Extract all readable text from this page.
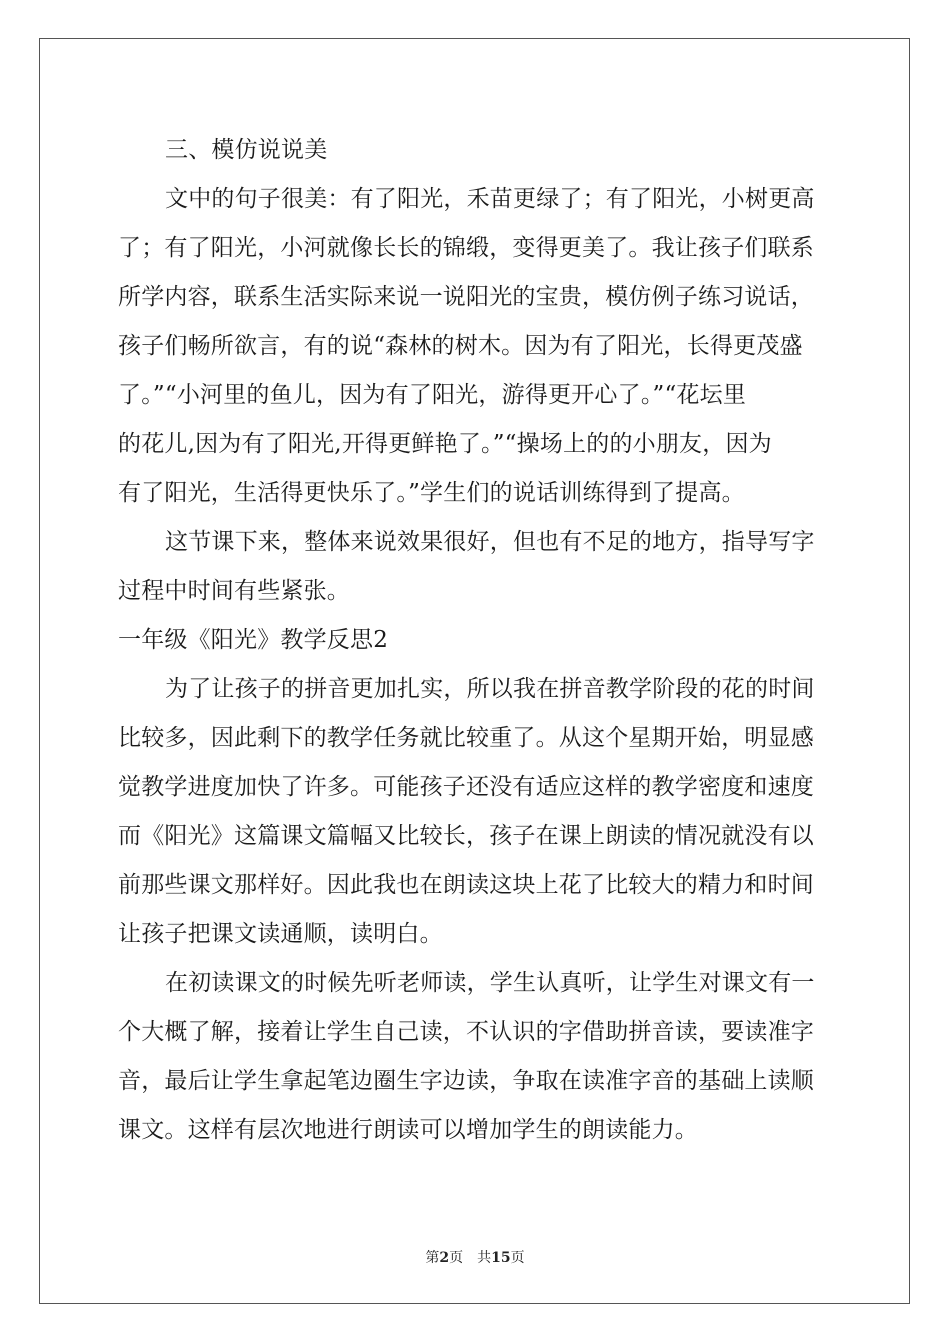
三、模仿说说美
文中的句子很美：有了阳光，禾苗更绿了；有了阳光，小树更高
了；有了阳光，小河就像长长的锦缎，变得更美了。我让孩子们联系
所学内容，联系生活实际来说一说阳光的宝贵，模仿例子练习说话，
孩子们畅所欲言，有的说“森林的树木。因为有了阳光，长得更茂盛
了。”“小河里的鱼儿，因为有了阳光，游得更开心了。”“花坛里
的花儿,因为有了阳光,开得更鲜艳了。”“操场上的的小朋友，因为
有了阳光，生活得更快乐了。”学生们的说话训练得到了提高。
这节课下来，整体来说效果很好，但也有不足的地方，指导写字
过程中时间有些紧张。
一年级《阳光》教学反思2
为了让孩子的拼音更加扎实，所以我在拼音教学阶段的花的时间
比较多，因此剩下的教学任务就比较重了。从这个星期开始，明显感
觉教学进度加快了许多。可能孩子还没有适应这样的教学密度和速度
而《阳光》这篇课文篇幅又比较长，孩子在课上朗读的情况就没有以
前那些课文那样好。因此我也在朗读这块上花了比较大的精力和时间
让孩子把课文读通顺，读明白。
在初读课文的时候先听老师读，学生认真听，让学生对课文有一
个大概了解，接着让学生自己读，不认识的字借助拼音读，要读准字
音，最后让学生拿起笔边圈生字边读，争取在读准字音的基础上读顺
课文。这样有层次地进行朗读可以增加学生的朗读能力。
第2页 共15页
